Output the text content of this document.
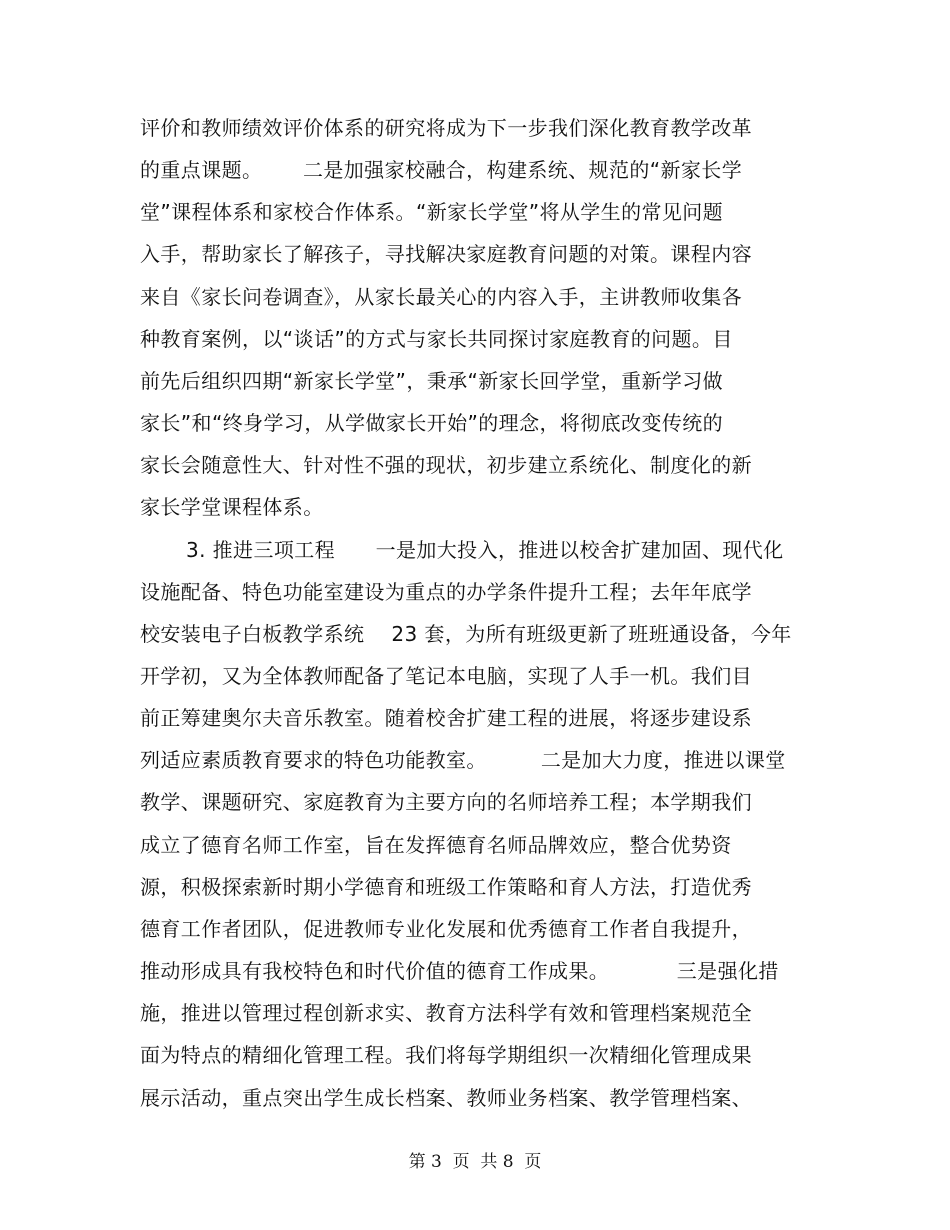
评价和教师绩效评价体系的研究将成为下一步我们深化教育教学改革
的重点课题。      二是加强家校融合，构建系统、规范的“新家长学
堂”课程体系和家校合作体系。“新家长学堂”将从学生的常见问题
入手，帮助家长了解孩子，寻找解决家庭教育问题的对策。课程内容
来自《家长问卷调查》，从家长最关心的内容入手，主讲教师收集各
种教育案例，以“谈话”的方式与家长共同探讨家庭教育的问题。目
前先后组织四期“新家长学堂”，秉承“新家长回学堂，重新学习做
家长”和“终身学习，从学做家长开始”的理念，将彻底改变传统的
家长会随意性大、针对性不强的现状，初步建立系统化、制度化的新
家长学堂课程体系。
3. 推进三项工程      一是加大投入，推进以校舍扩建加固、现代化
设施配备、特色功能室建设为重点的办学条件提升工程；去年年底学
校安装电子白板教学系统    23 套，为所有班级更新了班班通设备，今年
开学初，又为全体教师配备了笔记本电脑，实现了人手一机。我们目
前正筹建奥尔夫音乐教室。随着校舍扩建工程的进展，将逐步建设系
列适应素质教育要求的特色功能教室。        二是加大力度，推进以课堂
教学、课题研究、家庭教育为主要方向的名师培养工程；本学期我们
成立了德育名师工作室，旨在发挥德育名师品牌效应，整合优势资
源，积极探索新时期小学德育和班级工作策略和育人方法，打造优秀
德育工作者团队，促进教师专业化发展和优秀德育工作者自我提升，
推动形成具有我校特色和时代价值的德育工作成果。          三是强化措
施，推进以管理过程创新求实、教育方法科学有效和管理档案规范全
面为特点的精细化管理工程。我们将每学期组织一次精细化管理成果
展示活动，重点突出学生成长档案、教师业务档案、教学管理档案、
第 3  页  共 8  页
